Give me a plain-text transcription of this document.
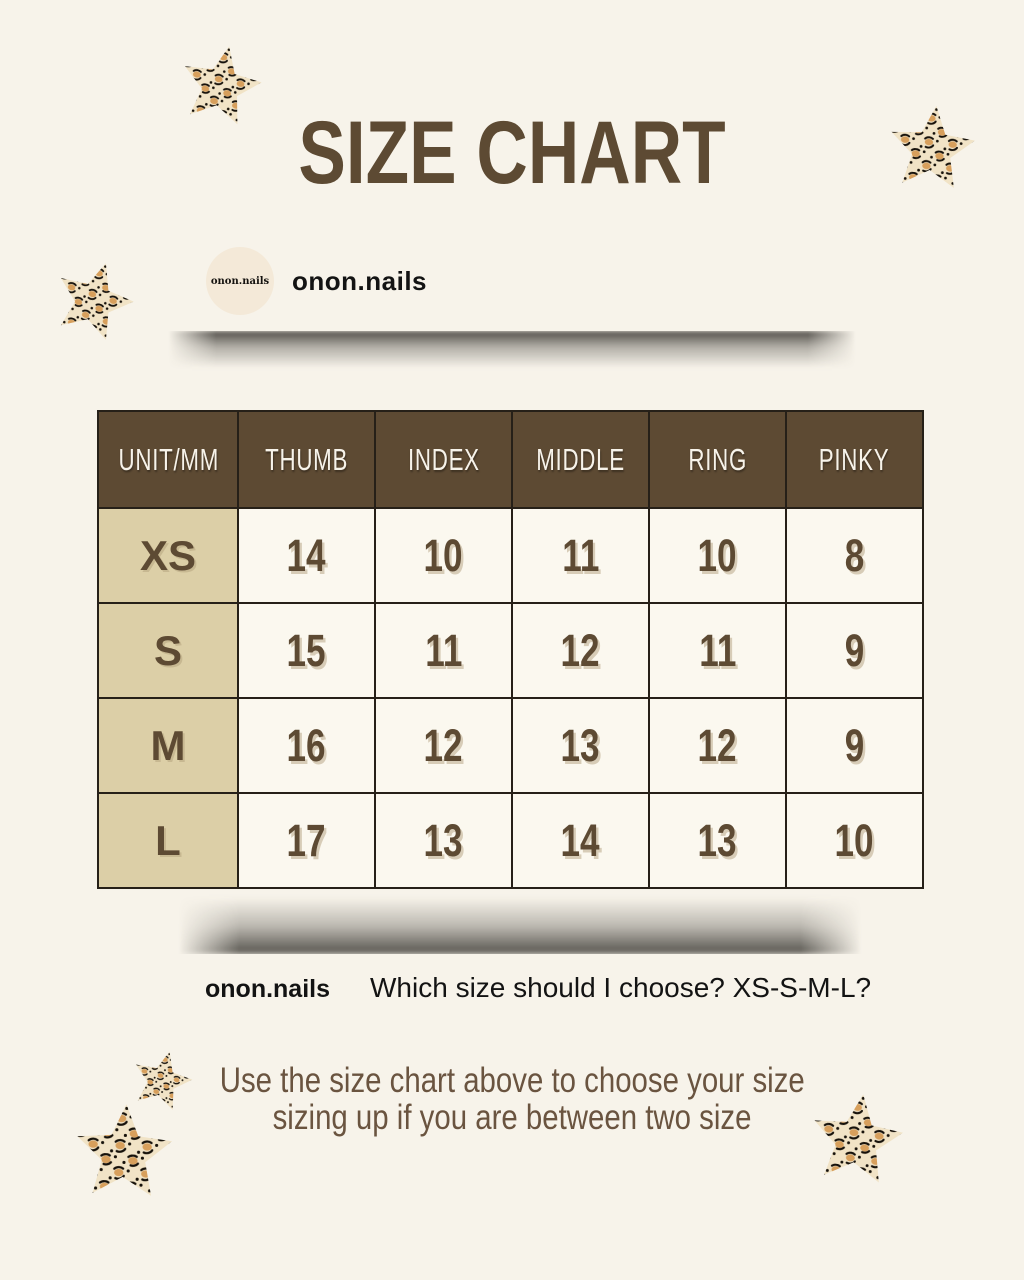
SIZE CHART
onon.nails onon.nails
UNIT/MM	THUMB	INDEX	MIDDLE	RING	PINKY
XS	14	10	11	10	8
S	15	11	12	11	9
M	16	12	13	12	9
L	17	13	14	13	10
onon.nails Which size should I choose? XS-S-M-L?
Use the size chart above to choose your size
sizing up if you are between two size
